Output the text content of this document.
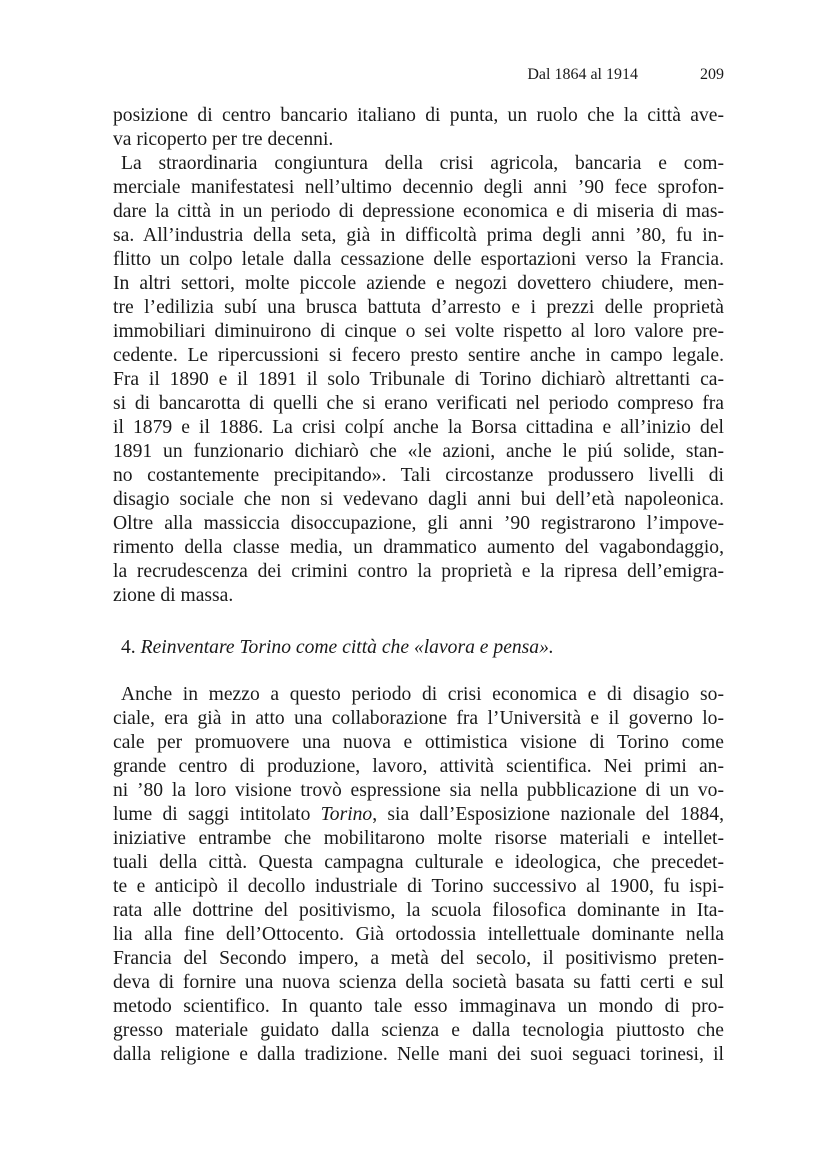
Dal 1864 al 1914	209
posizione di centro bancario italiano di punta, un ruolo che la città ave-
va ricoperto per tre decenni.
La straordinaria congiuntura della crisi agricola, bancaria e com-
merciale manifestatesi nell’ultimo decennio degli anni ’90 fece sprofon-
dare la città in un periodo di depressione economica e di miseria di mas-
sa. All’industria della seta, già in difficoltà prima degli anni ’80, fu in-
flitto un colpo letale dalla cessazione delle esportazioni verso la Francia.
In altri settori, molte piccole aziende e negozi dovettero chiudere, men-
tre l’edilizia subí una brusca battuta d’arresto e i prezzi delle proprietà
immobiliari diminuirono di cinque o sei volte rispetto al loro valore pre-
cedente. Le ripercussioni si fecero presto sentire anche in campo legale.
Fra il 1890 e il 1891 il solo Tribunale di Torino dichiarò altrettanti ca-
si di bancarotta di quelli che si erano verificati nel periodo compreso fra
il 1879 e il 1886. La crisi colpí anche la Borsa cittadina e all’inizio del
1891 un funzionario dichiarò che «le azioni, anche le piú solide, stan-
no costantemente precipitando». Tali circostanze produssero livelli di
disagio sociale che non si vedevano dagli anni bui dell’età napoleonica.
Oltre alla massiccia disoccupazione, gli anni ’90 registrarono l’impove-
rimento della classe media, un drammatico aumento del vagabondaggio,
la recrudescenza dei crimini contro la proprietà e la ripresa dell’emigra-
zione di massa.
4. Reinventare Torino come città che «lavora e pensa».
Anche in mezzo a questo periodo di crisi economica e di disagio so-
ciale, era già in atto una collaborazione fra l’Università e il governo lo-
cale per promuovere una nuova e ottimistica visione di Torino come
grande centro di produzione, lavoro, attività scientifica. Nei primi an-
ni ’80 la loro visione trovò espressione sia nella pubblicazione di un vo-
lume di saggi intitolato Torino, sia dall’Esposizione nazionale del 1884,
iniziative entrambe che mobilitarono molte risorse materiali e intellet-
tuali della città. Questa campagna culturale e ideologica, che precedet-
te e anticipò il decollo industriale di Torino successivo al 1900, fu ispi-
rata alle dottrine del positivismo, la scuola filosofica dominante in Ita-
lia alla fine dell’Ottocento. Già ortodossia intellettuale dominante nella
Francia del Secondo impero, a metà del secolo, il positivismo preten-
deva di fornire una nuova scienza della società basata su fatti certi e sul
metodo scientifico. In quanto tale esso immaginava un mondo di pro-
gresso materiale guidato dalla scienza e dalla tecnologia piuttosto che
dalla religione e dalla tradizione. Nelle mani dei suoi seguaci torinesi, il
